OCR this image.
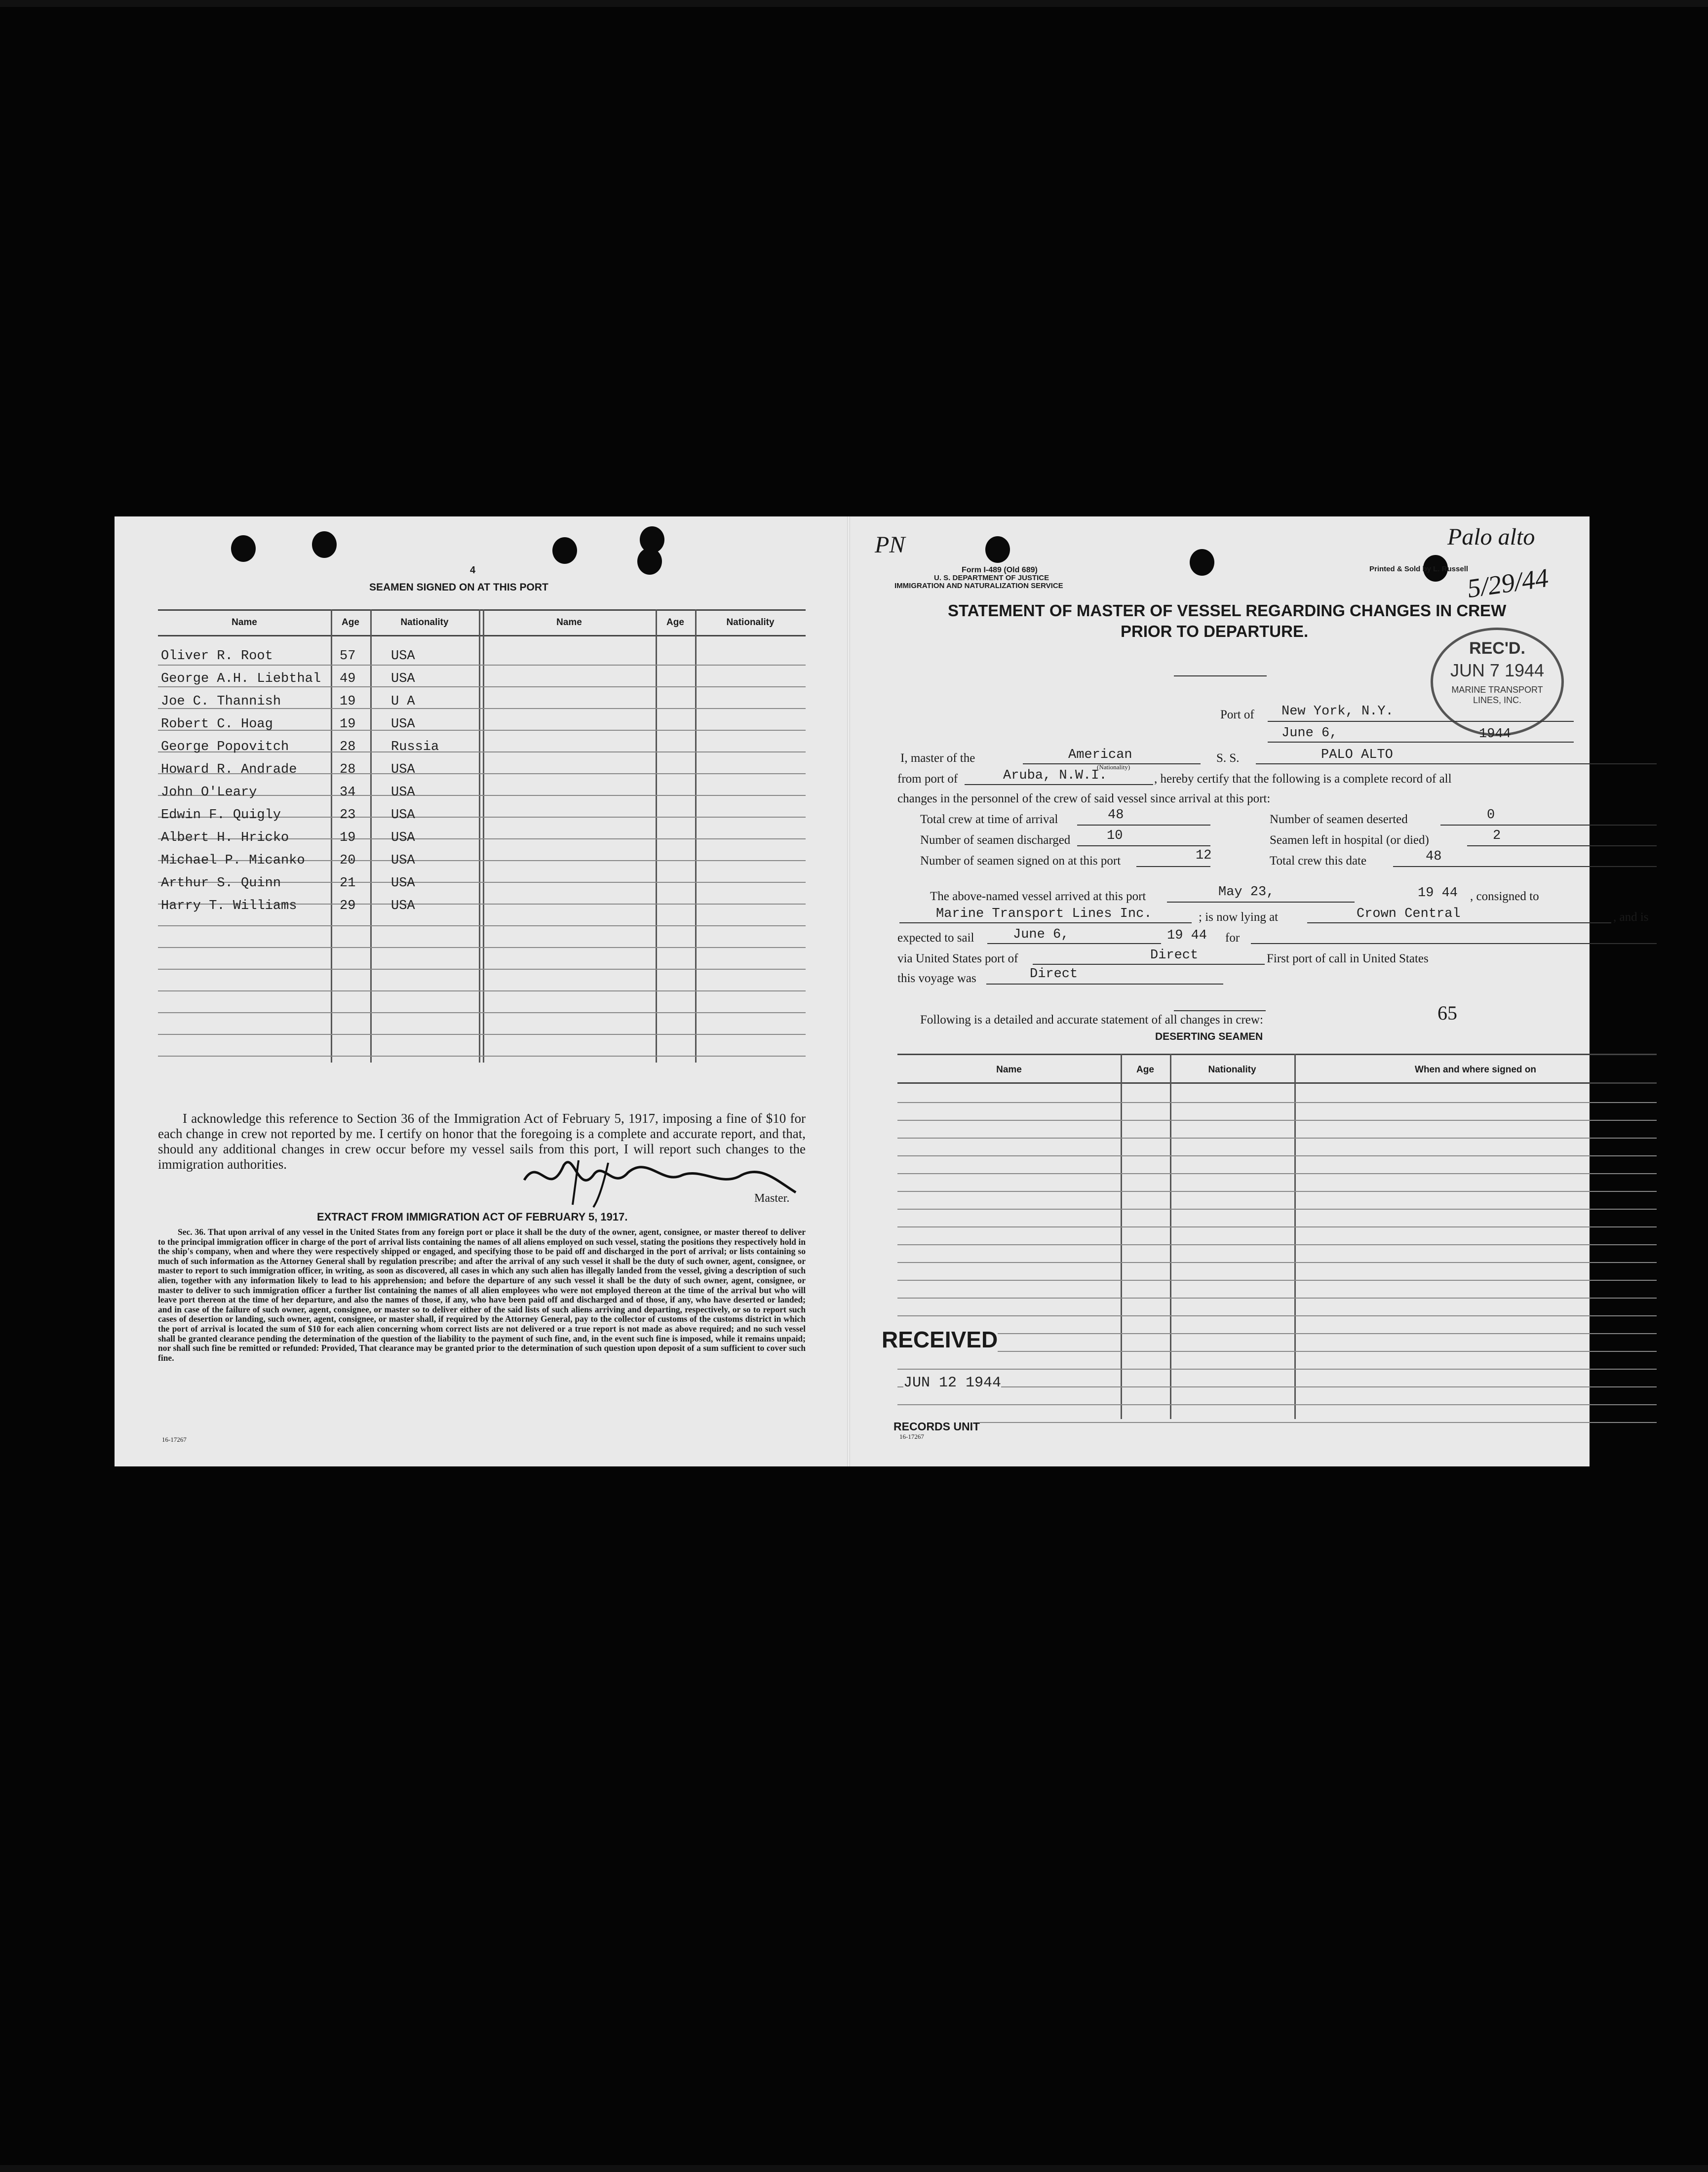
4
SEAMEN SIGNED ON AT THIS PORT
Name	Age	Nationality	Name	Age	Nationality
Oliver R. Root	57	USA
George A.H. Liebthal 49	USA
Joe C. Thannish	19	U A
Robert C. Hoag	19	USA
George Popovitch	28	Russia
Howard R. Andrade	28	USA
John O'Leary	34	USA
Edwin F. Quigly	23	USA
Albert H. Hricko	19	USA
Michael P. Micanko	20	USA
Arthur S. Quinn	21	USA
Harry T. Williams	29	USA
I acknowledge this reference to Section 36 of the Immigration Act of February 5, 1917, imposing a fine of $10 for each change in crew not reported by me. I certify on honor that the foregoing is a complete and accurate report, and that, should any additional changes in crew occur before my vessel sails from this port, I will report such changes to the immigration authorities.
Master.
EXTRACT FROM IMMIGRATION ACT OF FEBRUARY 5, 1917.
Sec. 36. That upon arrival of any vessel in the United States from any foreign port or place it shall be the duty of the owner, agent, consignee, or master thereof to deliver to the principal immigration officer in charge of the port of arrival lists containing the names of all aliens employed on such vessel, stating the positions they respectively hold in the ship's company, when and where they were respectively shipped or engaged, and specifying those to be paid off and discharged in the port of arrival; or lists containing so much of such information as the Attorney General shall by regulation prescribe; and after the arrival of any such vessel it shall be the duty of such owner, agent, consignee, or master to report to such immigration officer, in writing, as soon as discovered, all cases in which any such alien has illegally landed from the vessel, giving a description of such alien, together with any information likely to lead to his apprehension; and before the departure of any such vessel it shall be the duty of such owner, agent, consignee, or master to deliver to such immigration officer a further list containing the names of all alien employees who were not employed thereon at the time of the arrival but who will leave port thereon at the time of her departure, and also the names of those, if any, who have been paid off and discharged and of those, if any, who have deserted or landed; and in case of the failure of such owner, agent, consignee, or master so to deliver either of the said lists of such aliens arriving and departing, respectively, or so to report such cases of desertion or landing, such owner, agent, consignee, or master shall, if required by the Attorney General, pay to the collector of customs of the customs district in which the port of arrival is located the sum of $10 for each alien concerning whom correct lists are not delivered or a true report is not made as above required; and no such vessel shall be granted clearance pending the determination of the question of the liability to the payment of such fine, and, in the event such fine is imposed, while it remains unpaid; nor shall such fine be remitted or refunded: Provided, That clearance may be granted prior to the determination of such question upon deposit of a sum sufficient to cover such fine.
16-17267
PN
Form I-489 (Old 689)
U. S. DEPARTMENT OF JUSTICE
IMMIGRATION AND NATURALIZATION SERVICE
Printed & Sold by L. Russell
Palo alto
5/29/44
STATEMENT OF MASTER OF VESSEL REGARDING CHANGES IN CREW
PRIOR TO DEPARTURE.
REC'D.
JUN 7 1944
MARINE TRANSPORT
LINES, INC.
Port of New York, N.Y.
June 6,	1944
I, master of the	American	S. S.	PALO ALTO
from port of	Aruba, N.W.I.
(Nationality)
, hereby certify that the following is a complete record of all
changes in the personnel of the crew of said vessel since arrival at this port:
Total crew at time of arrival	48	Number of seamen deserted	0
Number of seamen discharged	10	Seamen left in hospital (or died)	2
Number of seamen signed on at this port	12	Total crew this date	48
The above-named vessel arrived at this port	May 23,	19 44 , consigned to
Marine Transport Lines Inc.	; is now lying at	Crown Central	, and is
expected to sail	June 6,	19 44 for
via United States port of	Direct	First port of call in United States
this voyage was	Direct
Following is a detailed and accurate statement of all changes in crew:	65
DESERTING SEAMEN
Name	Age	Nationality	When and where signed on
RECEIVED
JUN 12 1944
RECORDS UNIT
16-17267
